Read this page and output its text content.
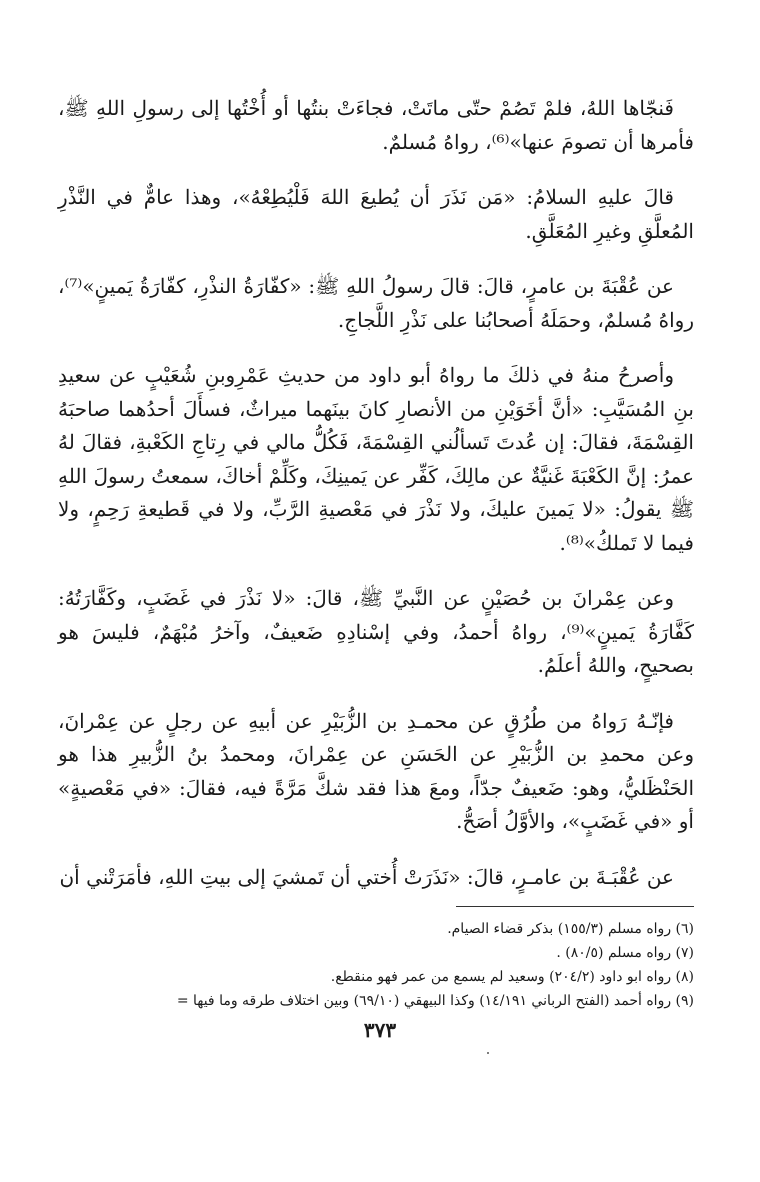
فَنجّاها اللهُ، فلمْ تَصُمْ حتّى ماتَتْ، فجاءَتْ بنتُها أو أُخْتُها إلى رسولِ اللهِ ﷺ، فأمرها أن تصومَ عنها»⁽⁶⁾، رواهُ مُسلمٌ.

قالَ عليهِ السلامُ: «مَن نَذَرَ أن يُطيعَ اللهَ فَلْيُطِعْهُ»، وهذا عامٌّ في النَّذْرِ المُعلَّقِ وغيرِ المُعَلَّقِ.

عن عُقْبَةَ بن عامرٍ، قالَ: قالَ رسولُ اللهِ ﷺ: «كفّارَةُ النذْرِ، كفّارَةُ يَمينٍ»⁽⁷⁾، رواهُ مُسلمٌ، وحمَلَهُ أصحابُنا على نَذْرِ اللَّجاجِ.

وأصرحُ منهُ في ذلكَ ما رواهُ أبو داود من حديثِ عَمْرِوبنِ شُعَيْبٍ عن سعيدِ بنِ المُسَيَّبِ: «أنَّ أخَوَيْنِ من الأنصارِ كانَ بينَهما ميراثٌ، فسأَلَ أحدُهما صاحبَهُ القِسْمَةَ، فقالَ: إن عُدتَ تَسألُني القِسْمَةَ، فَكُلُّ مالي في رِتاجِ الكَعْبةِ، فقالَ لهُ عمرُ: إنَّ الكَعْبَةَ غَنيَّةٌ عن مالِكَ، كَفِّر عن يَمينِكَ، وكَلِّمْ أخاكَ، سمعتُ رسولَ اللهِ ﷺ يقولُ: «لا يَمينَ عليكَ، ولا نَذْرَ في مَعْصيةِ الرَّبِّ، ولا في قَطيعةِ رَحِمٍ، ولا فيما لا تَملكُ»⁽⁸⁾.

وعن عِمْرانَ بن حُصَيْنٍ عن النَّبيِّ ﷺ، قالَ: «لا نَذْرَ في غَضَبٍ، وكَفَّارَتُهُ: كَفَّارَةُ يَمينٍ»⁽⁹⁾، رواهُ أحمدُ، وفي إسْنادِهِ ضَعيفٌ، وآخرُ مُبْهَمٌ، فليسَ هو بصحيحٍ، واللهُ أعلَمُ.

فإنّـهُ رَواهُ من طُرُقٍ عن محمـدِ بن الزُّبَيْرِ عن أبيهِ عن رجلٍ عن عِمْرانَ، وعن محمدِ بن الزُّبَيْرِ عن الحَسَنِ عن عِمْرانَ، ومحمدُ بنُ الزُّبيرِ هذا هو الحَنْظَليُّ، وهو: ضَعيفٌ جدّاً، ومعَ هذا فقد شكَّ مَرَّةً فيه، فقالَ: «في مَعْصيةٍ» أو «في غَضَبٍ»، والأوَّلُ أصَحُّ.

عن عُقْبَـةَ بن عامـرٍ، قالَ: «نَذَرَتْ أُختي أن تَمشيَ إلى بيتِ اللهِ، فأمَرَتْني أن

(٦) رواه مسلم (١٥٥/٣) بذكر قضاء الصيام.

(٧) رواه مسلم (٨٠/٥) .

(٨) رواه ابو داود (٢٠٤/٢) وسعيد لم يسمع من عمر فهو منقطع.

(٩) رواه أحمد (الفتح الرباني ١٤/١٩١) وكذا البيهقي (٦٩/١٠) وبين اختلاف طرقه وما فيها =

٣٧٣
